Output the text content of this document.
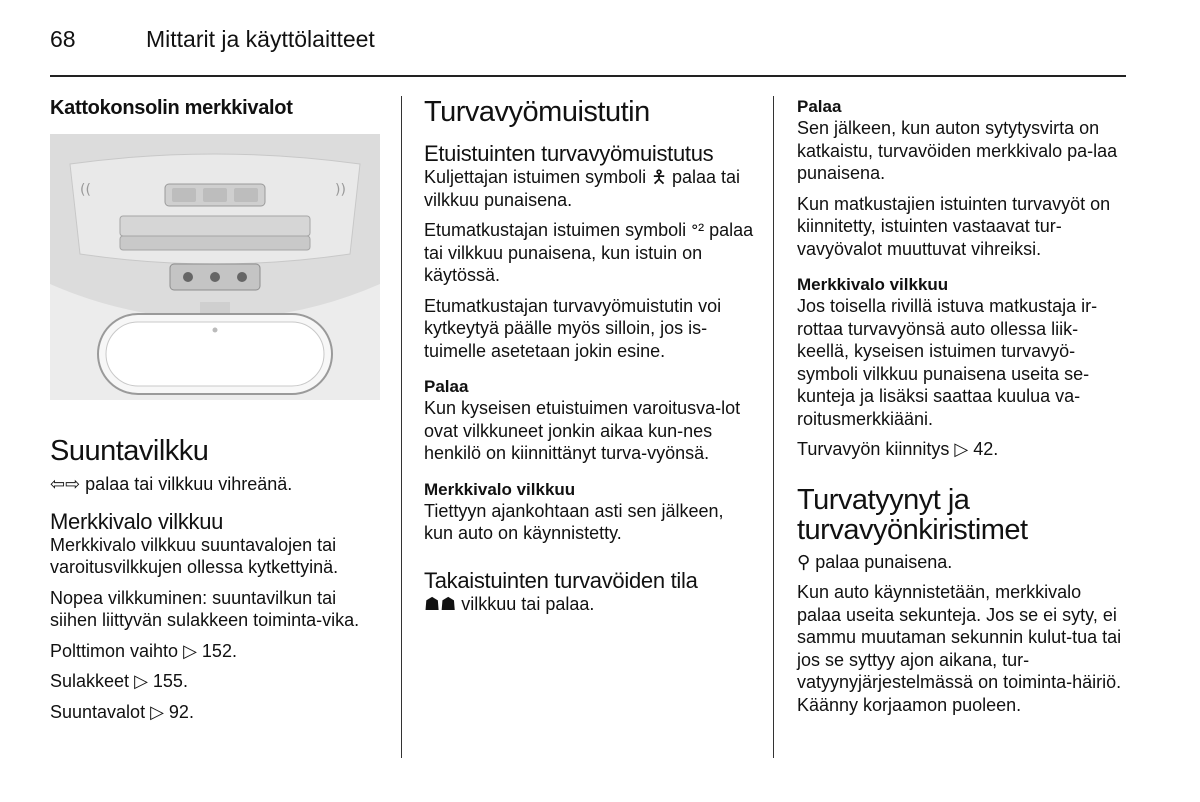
68	Mittarit ja käyttölaitteet
Kattokonsolin merkkivalot
((	))
Suuntavilkku
⇦⇨ palaa tai vilkkuu vihreänä.
Merkkivalo vilkkuu
Merkkivalo vilkkuu suuntavalojen tai varoitusvilkkujen ollessa kytkettyinä.
Nopea vilkkuminen: suuntavilkun tai siihen liittyvän sulakkeen toiminta-vika.
Polttimon vaihto ▷ 152.
Sulakkeet ▷ 155.
Suuntavalot ▷ 92.
Turvavyömuistutin
Etuistuinten turvavyömuistutus
Kuljettajan istuimen symboli 🯅 palaa tai vilkkuu punaisena.
Etumatkustajan istuimen symboli ᐤ² palaa tai vilkkuu punaisena, kun istuin on käytössä.
Etumatkustajan turvavyömuistutin voi kytkeytyä päälle myös silloin, jos is-tuimelle asetetaan jokin esine.
Palaa
Kun kyseisen etuistuimen varoitusva-lot ovat vilkkuneet jonkin aikaa kun-nes henkilö on kiinnittänyt turva-vyönsä.
Merkkivalo vilkkuu
Tiettyyn ajankohtaan asti sen jälkeen, kun auto on käynnistetty.
Takaistuinten turvavöiden tila
☗☗ vilkkuu tai palaa.
Palaa
Sen jälkeen, kun auton sytytysvirta on katkaistu, turvavöiden merkkivalo pa-laa punaisena.
Kun matkustajien istuinten turvavyöt on kiinnitetty, istuinten vastaavat tur-vavyövalot muuttuvat vihreiksi.
Merkkivalo vilkkuu
Jos toisella rivillä istuva matkustaja ir-rottaa turvavyönsä auto ollessa liik-keellä, kyseisen istuimen turvavyö-symboli vilkkuu punaisena useita se-kunteja ja lisäksi saattaa kuulua va-roitusmerkkiääni.
Turvavyön kiinnitys ▷ 42.
Turvatyynyt ja turvavyönkiristimet
⚲ palaa punaisena.
Kun auto käynnistetään, merkkivalo palaa useita sekunteja. Jos se ei syty, ei sammu muutaman sekunnin kulut-tua tai jos se syttyy ajon aikana, tur-vatyynyjärjestelmässä on toiminta-häiriö. Käänny korjaamon puoleen.
